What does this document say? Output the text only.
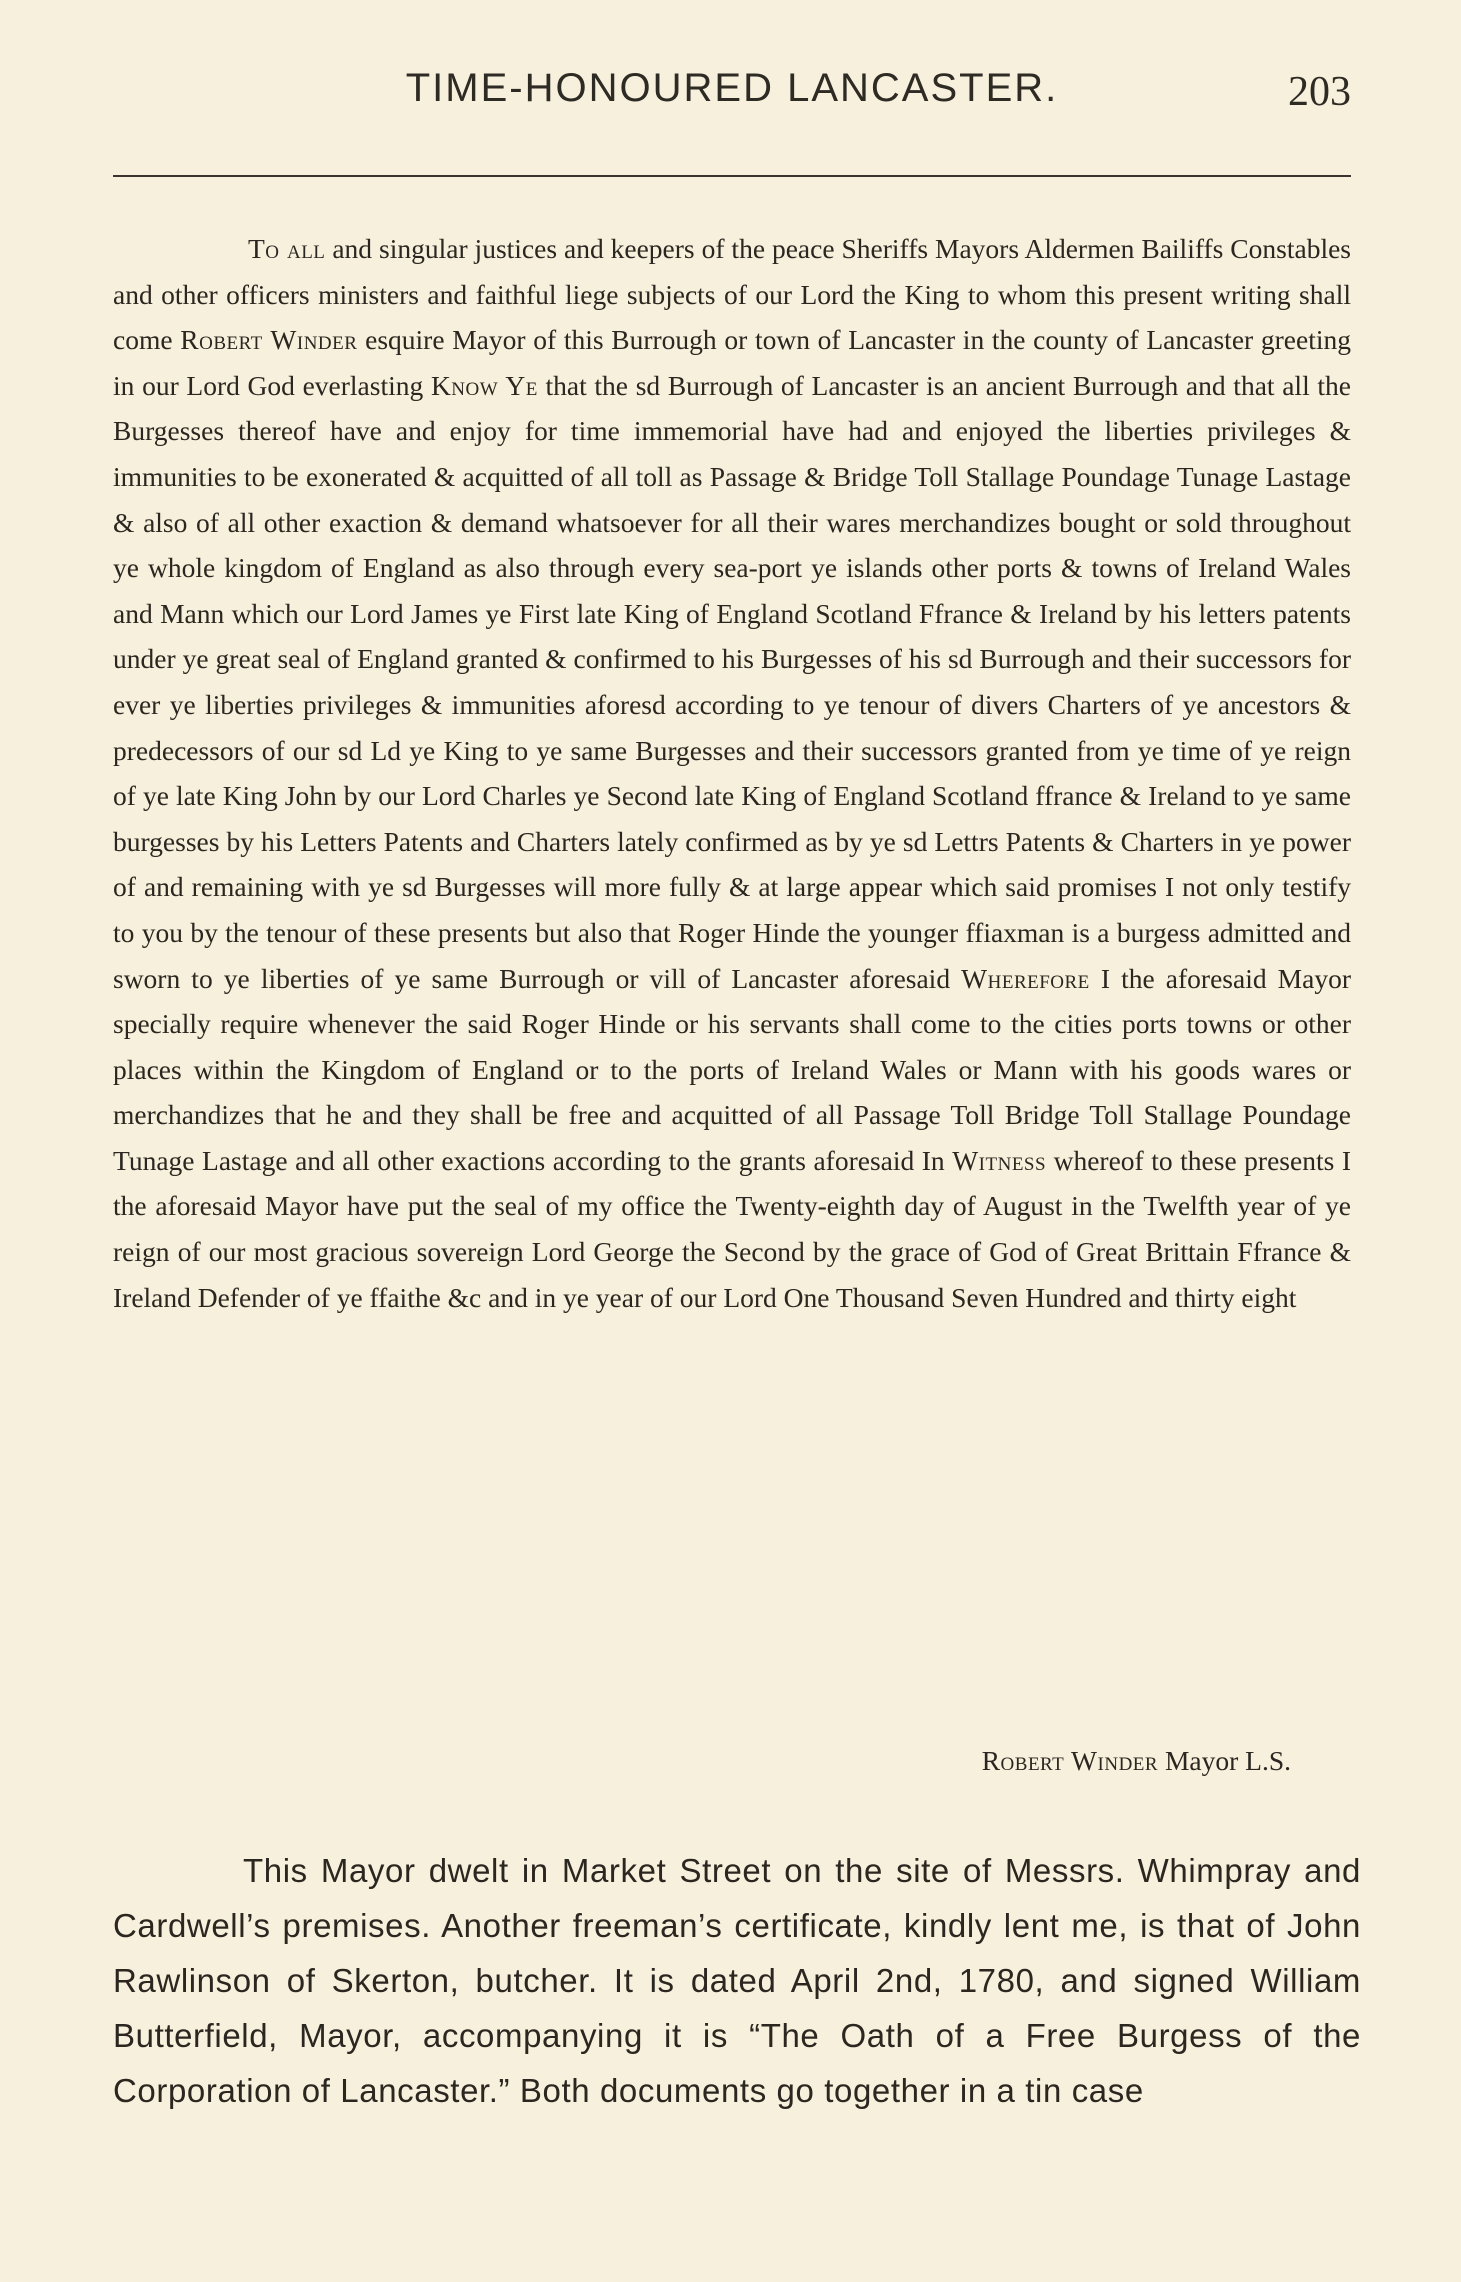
TIME-HONOURED LANCASTER.	203

To all and singular justices and keepers of the peace Sheriffs Mayors Aldermen Bailiffs Constables and other officers ministers and faithful liege subjects of our Lord the King to whom this present writing shall come Robert Winder esquire Mayor of this Burrough or town of Lancaster in the county of Lancaster greeting in our Lord God everlasting Know Ye that the sd Burrough of Lancaster is an ancient Burrough and that all the Burgesses thereof have and enjoy for time immemorial have had and enjoyed the liberties privileges & immunities to be exonerated & acquitted of all toll as Passage & Bridge Toll Stallage Poundage Tunage Lastage & also of all other exaction & demand whatsoever for all their wares merchandizes bought or sold throughout ye whole kingdom of England as also through every sea-port ye islands other ports & towns of Ireland Wales and Mann which our Lord James ye First late King of England Scotland Ffrance & Ireland by his letters patents under ye great seal of England granted & confirmed to his Burgesses of his sd Burrough and their successors for ever ye liberties privileges & immunities aforesd according to ye tenour of divers Charters of ye ancestors & predecessors of our sd Ld ye King to ye same Burgesses and their successors granted from ye time of ye reign of ye late King John by our Lord Charles ye Second late King of England Scotland ffrance & Ireland to ye same burgesses by his Letters Patents and Charters lately confirmed as by ye sd Lettrs Patents & Charters in ye power of and remaining with ye sd Burgesses will more fully & at large appear which said promises I not only testify to you by the tenour of these presents but also that Roger Hinde the younger ffiaxman is a burgess admitted and sworn to ye liberties of ye same Burrough or vill of Lancaster aforesaid Wherefore I the aforesaid Mayor specially require whenever the said Roger Hinde or his servants shall come to the cities ports towns or other places within the Kingdom of England or to the ports of Ireland Wales or Mann with his goods wares or merchandizes that he and they shall be free and acquitted of all Passage Toll Bridge Toll Stallage Poundage Tunage Lastage and all other exactions according to the grants aforesaid In Witness whereof to these presents I the aforesaid Mayor have put the seal of my office the Twenty-eighth day of August in the Twelfth year of ye reign of our most gracious sovereign Lord George the Second by the grace of God of Great Brittain Ffrance & Ireland Defender of ye ffaithe &c and in ye year of our Lord One Thousand Seven Hundred and thirty eight

Robert Winder Mayor L.S.

This Mayor dwelt in Market Street on the site of Messrs. Whimpray and Cardwell’s premises. Another freeman’s certificate, kindly lent me, is that of John Rawlinson of Skerton, butcher. It is dated April 2nd, 1780, and signed William Butterfield, Mayor, accompanying it is “The Oath of a Free Burgess of the Corporation of Lancaster.” Both documents go together in a tin case
